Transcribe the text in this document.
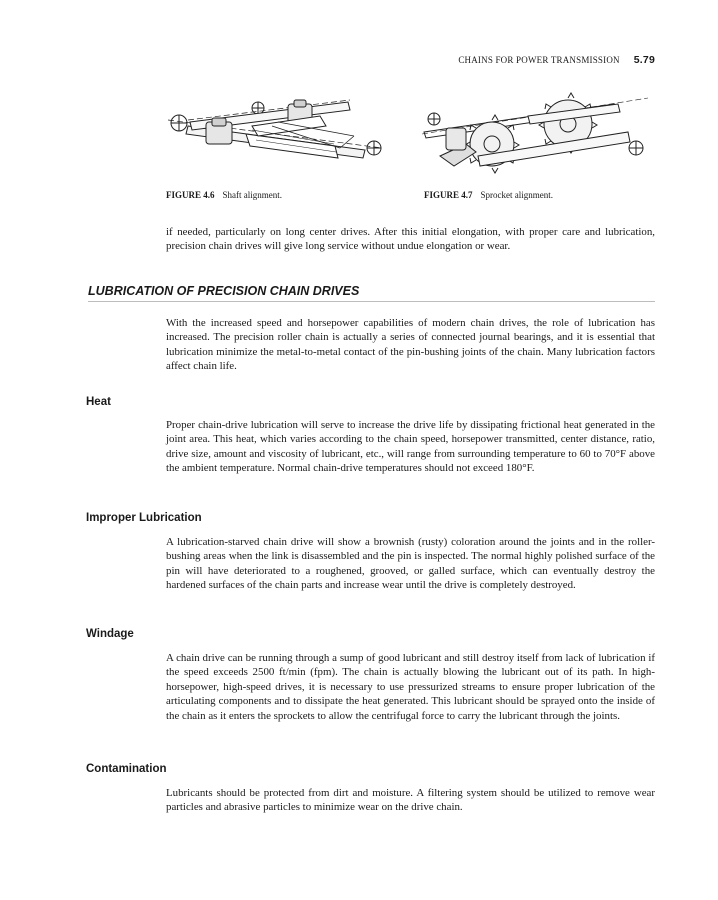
CHAINS FOR POWER TRANSMISSION 5.79
FIGURE 4.6 Shaft alignment.	FIGURE 4.7 Sprocket alignment.

if needed, particularly on long center drives. After this initial elongation, with proper care and lubrication, precision chain drives will give long service without undue elongation or wear.

LUBRICATION OF PRECISION CHAIN DRIVES

With the increased speed and horsepower capabilities of modern chain drives, the role of lubrication has increased. The precision roller chain is actually a series of connected journal bearings, and it is essential that lubrication minimize the metal-to-metal contact of the pin-bushing joints of the chain. Many lubrication factors affect chain life.

Heat

Proper chain-drive lubrication will serve to increase the drive life by dissipating frictional heat generated in the joint area. This heat, which varies according to the chain speed, horsepower transmitted, center distance, ratio, drive size, amount and viscosity of lubricant, etc., will range from surrounding temperature to 60 to 70°F above the ambient temperature. Normal chain-drive temperatures should not exceed 180°F.

Improper Lubrication

A lubrication-starved chain drive will show a brownish (rusty) coloration around the joints and in the roller-bushing areas when the link is disassembled and the pin is inspected. The normal highly polished surface of the pin will have deteriorated to a roughened, grooved, or galled surface, which can eventually destroy the hardened surfaces of the chain parts and increase wear until the drive is completely destroyed.

Windage

A chain drive can be running through a sump of good lubricant and still destroy itself from lack of lubrication if the speed exceeds 2500 ft/min (fpm). The chain is actually blowing the lubricant out of its path. In high-horsepower, high-speed drives, it is necessary to use pressurized streams to ensure proper lubrication of the articulating components and to dissipate the heat generated. This lubricant should be sprayed onto the inside of the chain as it enters the sprockets to allow the centrifugal force to carry the lubricant through the joints.

Contamination

Lubricants should be protected from dirt and moisture. A filtering system should be utilized to remove wear particles and abrasive particles to minimize wear on the drive chain.
